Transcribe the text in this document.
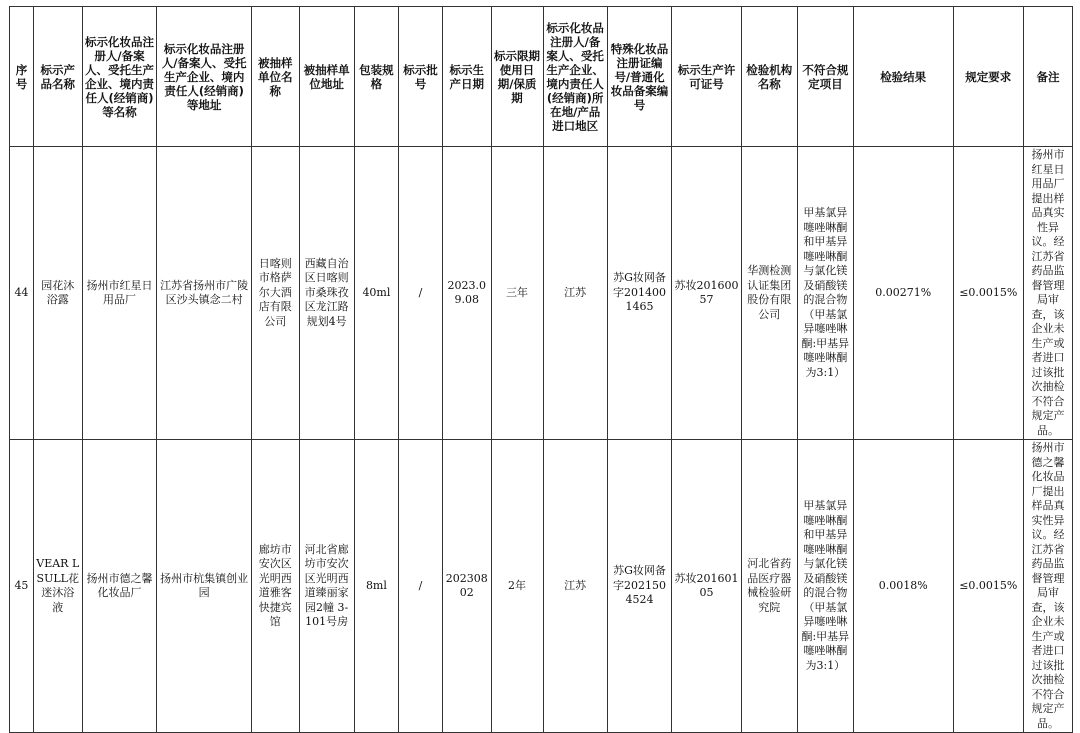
序号	标示产品名称	标示化妆品注册人/备案人、受托生产企业、境内责任人(经销商)等名称	标示化妆品注册人/备案人、受托生产企业、境内责任人(经销商)等地址	被抽样单位名称	被抽样单位地址	包装规格	标示批号	标示生产日期	标示限期使用日期/保质期	标示化妆品注册人/备案人、受托生产企业、境内责任人(经销商)所在地/产品进口地区	特殊化妆品注册证编号/普通化妆品备案编号	标示生产许可证号	检验机构名称	不符合规定项目	检验结果	规定要求	备注
44	园花沐浴露	扬州市红星日用品厂	江苏省扬州市广陵区沙头镇念二村	日喀则市格萨尔大酒店有限公司	西藏自治区日喀则市桑珠孜区龙江路规划4号	40ml	/	2023.09.08	三年	江苏	苏G妆网备字2014001465	苏妆20160057	华测检测认证集团股份有限公司	甲基氯异噻唑啉酮和甲基异噻唑啉酮与氯化镁及硝酸镁的混合物（甲基氯异噻唑啉酮:甲基异噻唑啉酮为3:1）	0.00271%	≤0.0015%	扬州市红星日用品厂提出样品真实性异议。经江苏省药品监督管理局审查，该企业未生产或者进口过该批次抽检不符合规定产品。
45	VEAR LSULL花迷沐浴液	扬州市德之馨化妆品厂	扬州市杭集镇创业园	廊坊市安次区光明西道雅客快捷宾馆	河北省廊坊市安次区光明西道臻丽家园2幢 3-101号房	8ml	/	20230802	2年	江苏	苏G妆网备字2021504524	苏妆20160105	河北省药品医疗器械检验研究院	甲基氯异噻唑啉酮和甲基异噻唑啉酮与氯化镁及硝酸镁的混合物（甲基氯异噻唑啉酮:甲基异噻唑啉酮为3:1）	0.0018%	≤0.0015%	扬州市德之馨化妆品厂提出样品真实性异议。经江苏省药品监督管理局审查，该企业未生产或者进口过该批次抽检不符合规定产品。
